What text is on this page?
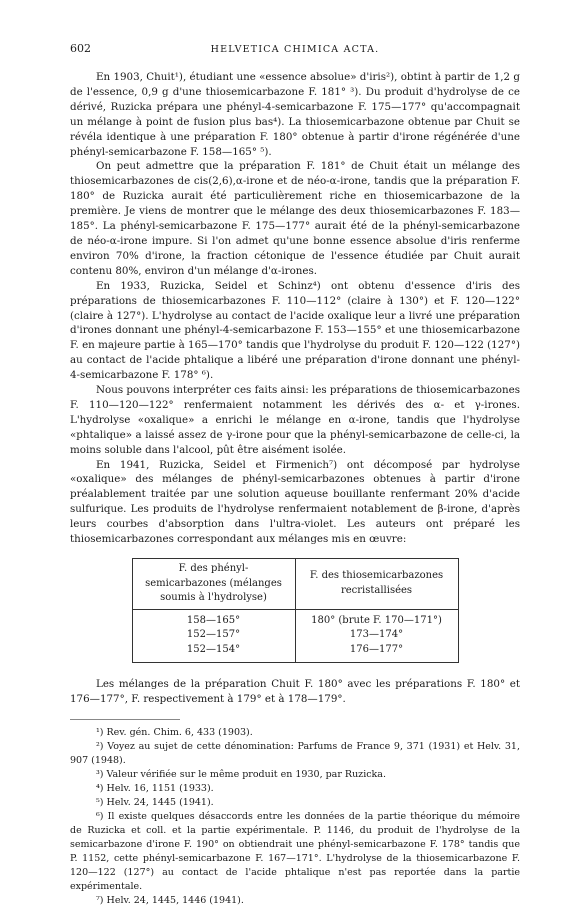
602	HELVETICA CHIMICA ACTA.

En 1903, Chuit¹), étudiant une «essence absolue» d'iris²), obtint à partir de 1,2 g de l'essence, 0,9 g d'une thiosemicarbazone F. 181° ³). Du produit d'hydrolyse de ce dérivé, Ruzicka prépara une phényl-4-semicarbazone F. 175—177° qu'accompagnait un mélange à point de fusion plus bas⁴). La thiosemicarbazone obtenue par Chuit se révéla identique à une préparation F. 180° obtenue à partir d'irone régénérée d'une phényl-semicarbazone F. 158—165° ⁵).

On peut admettre que la préparation F. 181° de Chuit était un mélange des thiosemicarbazones de cis(2,6),α-irone et de néo-α-irone, tandis que la préparation F. 180° de Ruzicka aurait été particulièrement riche en thiosemicarbazone de la première. Je viens de montrer que le mélange des deux thiosemicarbazones F. 183—185°. La phényl-semicarbazone F. 175—177° aurait été de la phényl-semicarbazone de néo-α-irone impure. Si l'on admet qu'une bonne essence absolue d'iris renferme environ 70% d'irone, la fraction cétonique de l'essence étudiée par Chuit aurait contenu 80%, environ d'un mélange d'α-irones.

En 1933, Ruzicka, Seidel et Schinz⁴) ont obtenu d'essence d'iris des préparations de thiosemicarbazones F. 110—112° (claire à 130°) et F. 120—122° (claire à 127°). L'hydrolyse au contact de l'acide oxalique leur a livré une préparation d'irones donnant une phényl-4-semicarbazone F. 153—155° et une thiosemicarbazone F. en majeure partie à 165—170° tandis que l'hydrolyse du produit F. 120—122 (127°) au contact de l'acide phtalique a libéré une préparation d'irone donnant une phényl-4-semicarbazone F. 178° ⁶).

Nous pouvons interpréter ces faits ainsi: les préparations de thiosemicarbazones F. 110—120—122° renfermaient notamment les dérivés des α- et γ-irones. L'hydrolyse «oxalique» a enrichi le mélange en α-irone, tandis que l'hydrolyse «phtalique» a laissé assez de γ-irone pour que la phényl-semicarbazone de celle-ci, la moins soluble dans l'alcool, pût être aisément isolée.

En 1941, Ruzicka, Seidel et Firmenich⁷) ont décomposé par hydrolyse «oxalique» des mélanges de phényl-semicarbazones obtenues à partir d'irone préalablement traitée par une solution aqueuse bouillante renfermant 20% d'acide sulfurique. Les produits de l'hydrolyse renfermaient notablement de β-irone, d'après leurs courbes d'absorption dans l'ultra-violet. Les auteurs ont préparé les thiosemicarbazones correspondant aux mélanges mis en œuvre:

F. des phényl-semicarbazones (mélanges soumis à l'hydrolyse)	F. des thiosemicarbazones recristallisées
158—165°	180° (brute F. 170—171°)
152—157°	173—174°
152—154°	176—177°

Les mélanges de la préparation Chuit F. 180° avec les préparations F. 180° et 176—177°, F. respectivement à 179° et à 178—179°.

¹) Rev. gén. Chim. 6, 433 (1903).

²) Voyez au sujet de cette dénomination: Parfums de France 9, 371 (1931) et Helv. 31, 907 (1948).

³) Valeur vérifiée sur le même produit en 1930, par Ruzicka.

⁴) Helv. 16, 1151 (1933).

⁵) Helv. 24, 1445 (1941).

⁶) Il existe quelques désaccords entre les données de la partie théorique du mémoire de Ruzicka et coll. et la partie expérimentale. P. 1146, du produit de l'hydrolyse de la semicarbazone d'irone F. 190° on obtiendrait une phényl-semicarbazone F. 178° tandis que P. 1152, cette phényl-semicarbazone F. 167—171°. L'hydrolyse de la thiosemicarbazone F. 120—122 (127°) au contact de l'acide phtalique n'est pas reportée dans la partie expérimentale.

⁷) Helv. 24, 1445, 1446 (1941).
